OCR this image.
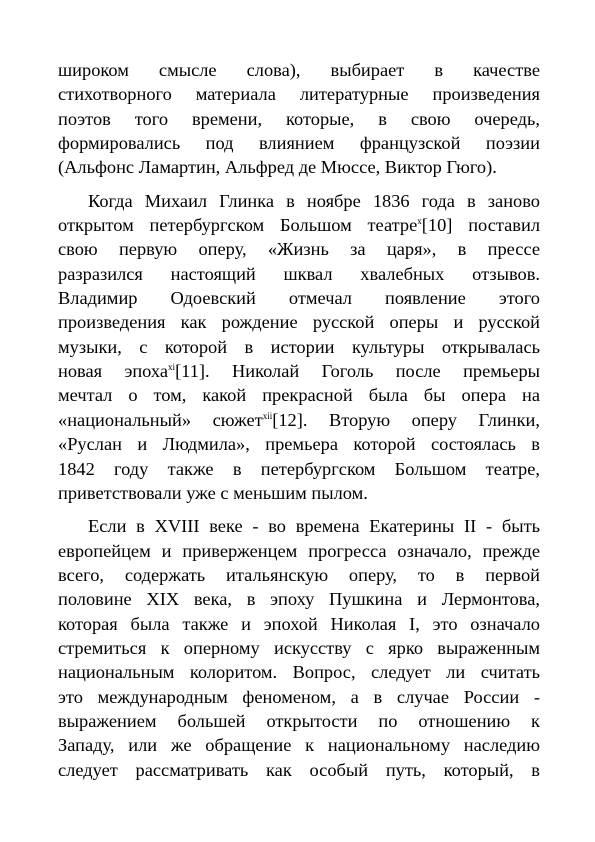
широком смысле слова), выбирает в качестве
стихотворного материала литературные произведения
поэтов того времени, которые, в свою очередь,
формировались под влиянием французской поэзии
(Альфонс Ламартин, Альфред де Мюссе, Виктор Гюго).
Когда Михаил Глинка в ноябре 1836 года в заново
открытом петербургском Большом театре$^x$[10] поставил
свою первую оперу, «Жизнь за царя», в прессе
разразился настоящий шквал хвалебных отзывов.
Владимир Одоевский отмечал появление этого
произведения как рождение русской оперы и русской
музыки, с которой в истории культуры открывалась
новая эпоха$^{xi}$[11]. Николай Гоголь после премьеры
мечтал о том, какой прекрасной была бы опера на
«национальный» сюжет$^{xii}$[12]. Вторую оперу Глинки,
«Руслан и Людмила», премьера которой состоялась в
1842 году также в петербургском Большом театре,
приветствовали уже с меньшим пылом.
Если в XVIII веке - во времена Екатерины II - быть
европейцем и приверженцем прогресса означало, прежде
всего, содержать итальянскую оперу, то в первой
половине XIX века, в эпоху Пушкина и Лермонтова,
которая была также и эпохой Николая I, это означало
стремиться к оперному искусству с ярко выраженным
национальным колоритом. Вопрос, следует ли считать
это международным феноменом, а в случае России -
выражением большей открытости по отношению к
Западу, или же обращение к национальному наследию
следует рассматривать как особый путь, который, в
